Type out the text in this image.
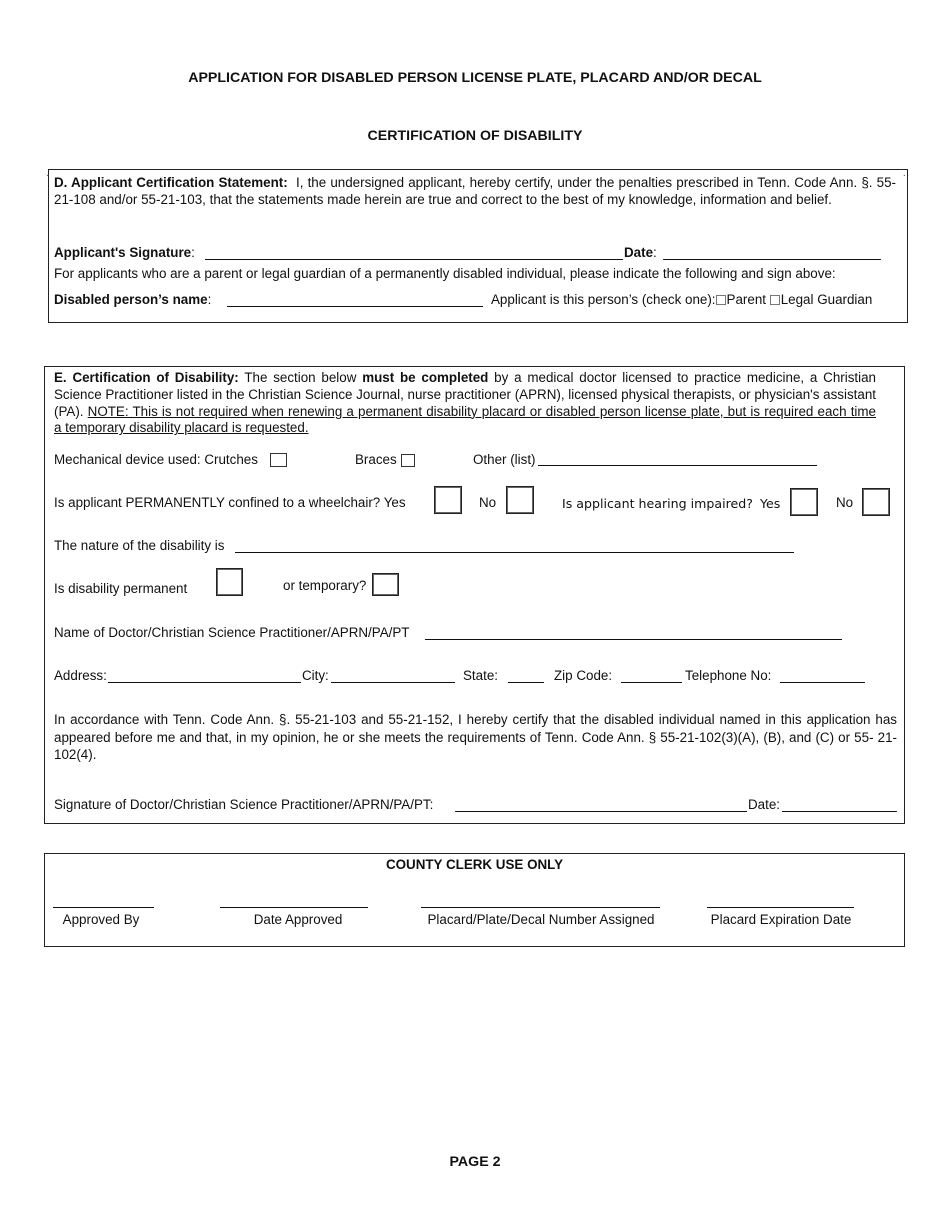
APPLICATION FOR DISABLED PERSON LICENSE PLATE, PLACARD AND/OR DECAL
CERTIFICATION OF DISABILITY
·	·
D. Applicant Certification Statement: I, the undersigned applicant, hereby certify, under the penalties prescribed in Tenn. Code Ann. §. 55-21-108 and/or 55-21-103, that the statements made herein are true and correct to the best of my knowledge, information and belief.
Applicant's Signature:	Date:
For applicants who are a parent or legal guardian of a permanently disabled individual, please indicate the following and sign above:
Disabled person’s name:	Applicant is this person’s (check one): Parent Legal Guardian
E. Certification of Disability: The section below must be completed by a medical doctor licensed to practice medicine, a Christian Science Practitioner listed in the Christian Science Journal, nurse practitioner (APRN), licensed physical therapists, or physician's assistant (PA). NOTE: This is not required when renewing a permanent disability placard or disabled person license plate, but is required each time a temporary disability placard is requested.
Mechanical device used: Crutches	Braces	Other (list)
Is applicant PERMANENTLY confined to a wheelchair? Yes	No	Is applicant hearing impaired? Yes	No
The nature of the disability is
Is disability permanent	or temporary?
Name of Doctor/Christian Science Practitioner/APRN/PA/PT
Address:	City:	State:	Zip Code:	Telephone No:
In accordance with Tenn. Code Ann. §. 55-21-103 and 55-21-152, I hereby certify that the disabled individual named in this application has appeared before me and that, in my opinion, he or she meets the requirements of Tenn. Code Ann. § 55-21-102(3)(A), (B), and (C) or 55- 21-102(4).
Signature of Doctor/Christian Science Practitioner/APRN/PA/PT:	Date:
COUNTY CLERK USE ONLY
Approved By	Date Approved	Placard/Plate/Decal Number Assigned	Placard Expiration Date
PAGE 2
